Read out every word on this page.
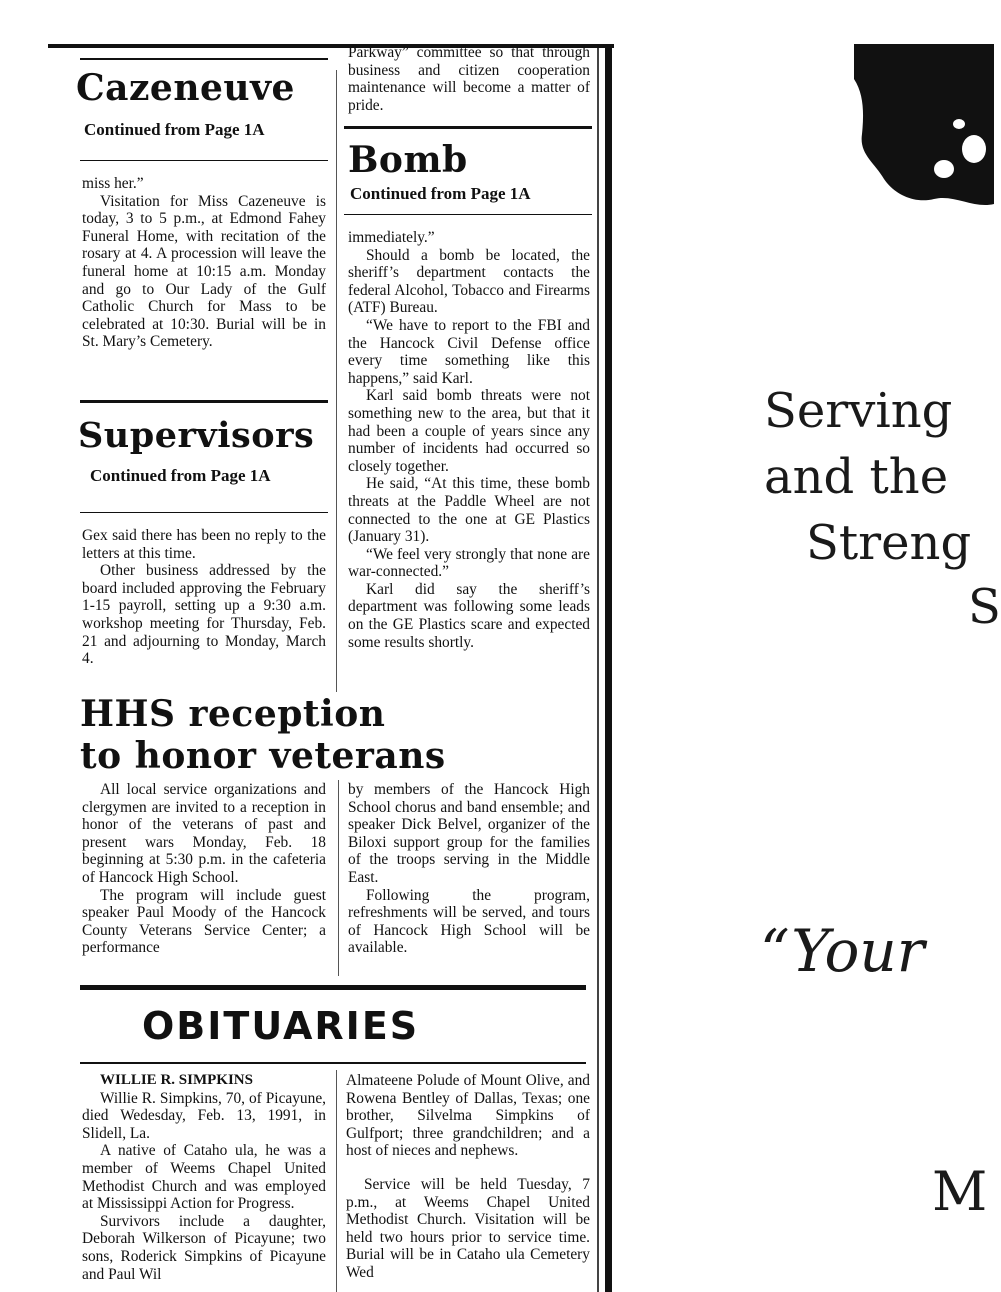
Cazeneuve
Continued from Page 1A

miss her.”

Visitation for Miss Cazeneuve is today, 3 to 5 p.m., at Edmond Fahey Funeral Home, with recitation of the rosary at 4. A procession will leave the funeral home at 10:15 a.m. Monday and go to Our Lady of the Gulf Catholic Church for Mass to be celebrated at 10:30. Burial will be in St. Mary’s Cemetery.

Supervisors
Continued from Page 1A

Gex said there has been no reply to the letters at this time.

Other business addressed by the board included approving the February 1-15 payroll, setting up a 9:30 a.m. workshop meeting for Thursday, Feb. 21 and adjourning to Monday, March 4.

Parkway” committee so that through business and citizen cooperation maintenance will become a matter of pride.

Bomb
Continued from Page 1A

immediately.”

Should a bomb be located, the sheriff’s department contacts the federal Alcohol, Tobacco and Firearms (ATF) Bureau.

“We have to report to the FBI and the Hancock Civil Defense office every time something like this happens,” said Karl.

Karl said bomb threats were not something new to the area, but that it had been a couple of years since any number of incidents had occurred so closely together.

He said, “At this time, these bomb threats at the Paddle Wheel are not connected to the one at GE Plastics (January 31).

“We feel very strongly that none are war-connected.”

Karl did say the sheriff’s department was following some leads on the GE Plastics scare and expected some results shortly.

HHS reception
to honor veterans

All local service organizations and clergymen are invited to a reception in honor of the veterans of past and present wars Monday, Feb. 18 beginning at 5:30 p.m. in the cafeteria of Hancock High School.

The program will include guest speaker Paul Moody of the Hancock County Veterans Service Center; a performance

by members of the Hancock High School chorus and band ensemble; and speaker Dick Belvel, organizer of the Biloxi support group for the families of the troops serving in the Middle East.

Following the program, refreshments will be served, and tours of Hancock High School will be available.

OBITUARIES

WILLIE R. SIMPKINS

Willie R. Simpkins, 70, of Picayune, died Wedesday, Feb. 13, 1991, in Slidell, La.

A native of Cataho ula, he was a member of Weems Chapel United Methodist Church and was employed at Mississippi Action for Progress.

Survivors include a daughter, Deborah Wilkerson of Picayune; two sons, Roderick Simpkins of Picayune and Paul Wil

Almateene Polude of Mount Olive, and Rowena Bentley of Dallas, Texas; one brother, Silvelma Simpkins of Gulfport; three grandchildren; and a host of nieces and nephews.

Service will be held Tuesday, 7 p.m., at Weems Chapel United Methodist Church. Visitation will be held two hours prior to service time. Burial will be in Cataho ula Cemetery Wed

Serving
and the
Streng
S
“Your
M
